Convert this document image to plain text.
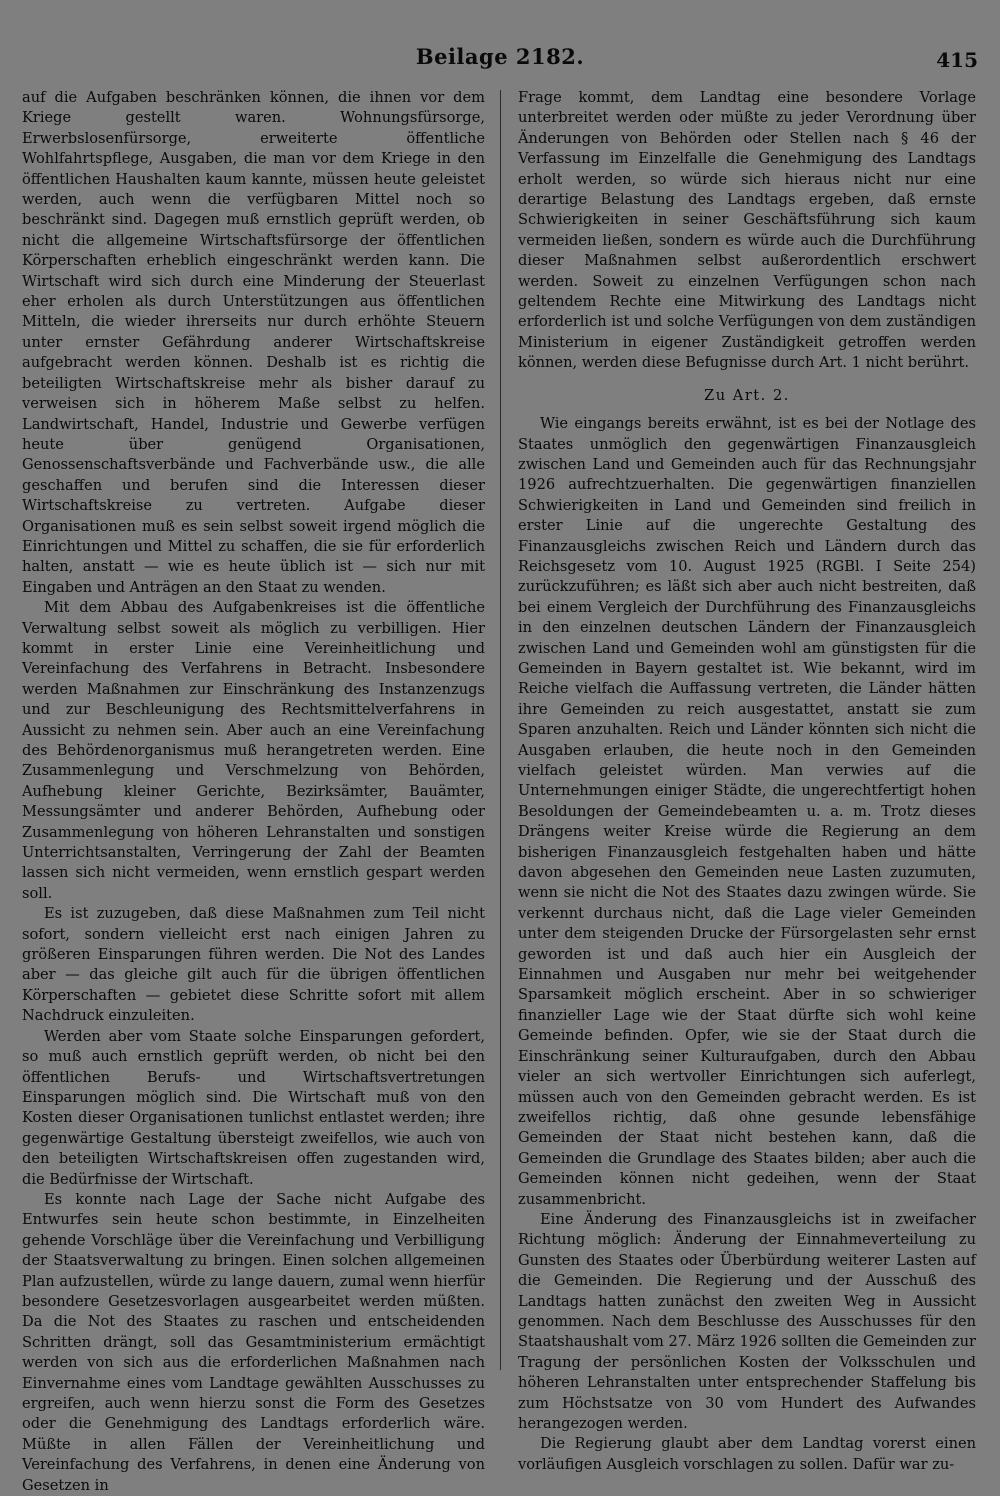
Beilage 2182.	415

auf die Aufgaben beschränken können, die ihnen vor dem Kriege gestellt waren. Wohnungsfürsorge, Erwerbslosenfürsorge, erweiterte öffentliche Wohlfahrtspflege, Ausgaben, die man vor dem Kriege in den öffentlichen Haushalten kaum kannte, müssen heute geleistet werden, auch wenn die verfügbaren Mittel noch so beschränkt sind. Dagegen muß ernstlich geprüft werden, ob nicht die allgemeine Wirtschaftsfürsorge der öffentlichen Körperschaften erheblich eingeschränkt werden kann. Die Wirtschaft wird sich durch eine Minderung der Steuerlast eher erholen als durch Unterstützungen aus öffentlichen Mitteln, die wieder ihrerseits nur durch erhöhte Steuern unter ernster Gefährdung anderer Wirtschaftskreise aufgebracht werden können. Deshalb ist es richtig die beteiligten Wirtschaftskreise mehr als bisher darauf zu verweisen sich in höherem Maße selbst zu helfen. Landwirtschaft, Handel, Industrie und Gewerbe verfügen heute über genügend Organisationen, Genossenschaftsverbände und Fachverbände usw., die alle geschaffen und berufen sind die Interessen dieser Wirtschaftskreise zu vertreten. Aufgabe dieser Organisationen muß es sein selbst soweit irgend möglich die Einrichtungen und Mittel zu schaffen, die sie für erforderlich halten, anstatt — wie es heute üblich ist — sich nur mit Eingaben und Anträgen an den Staat zu wenden.

Mit dem Abbau des Aufgabenkreises ist die öffentliche Verwaltung selbst soweit als möglich zu verbilligen. Hier kommt in erster Linie eine Vereinheitlichung und Vereinfachung des Verfahrens in Betracht. Insbesondere werden Maßnahmen zur Einschränkung des Instanzenzugs und zur Beschleunigung des Rechtsmittelverfahrens in Aussicht zu nehmen sein. Aber auch an eine Vereinfachung des Behördenorganismus muß herangetreten werden. Eine Zusammenlegung und Verschmelzung von Behörden, Aufhebung kleiner Gerichte, Bezirksämter, Bauämter, Messungsämter und anderer Behörden, Aufhebung oder Zusammenlegung von höheren Lehranstalten und sonstigen Unterrichtsanstalten, Verringerung der Zahl der Beamten lassen sich nicht vermeiden, wenn ernstlich gespart werden soll.

Es ist zuzugeben, daß diese Maßnahmen zum Teil nicht sofort, sondern vielleicht erst nach einigen Jahren zu größeren Einsparungen führen werden. Die Not des Landes aber — das gleiche gilt auch für die übrigen öffentlichen Körperschaften — gebietet diese Schritte sofort mit allem Nachdruck einzuleiten.

Werden aber vom Staate solche Einsparungen gefordert, so muß auch ernstlich geprüft werden, ob nicht bei den öffentlichen Berufs- und Wirtschaftsvertretungen Einsparungen möglich sind. Die Wirtschaft muß von den Kosten dieser Organisationen tunlichst entlastet werden; ihre gegenwärtige Gestaltung übersteigt zweifellos, wie auch von den beteiligten Wirtschaftskreisen offen zugestanden wird, die Bedürfnisse der Wirtschaft.

Es konnte nach Lage der Sache nicht Aufgabe des Entwurfes sein heute schon bestimmte, in Einzelheiten gehende Vorschläge über die Vereinfachung und Verbilligung der Staatsverwaltung zu bringen. Einen solchen allgemeinen Plan aufzustellen, würde zu lange dauern, zumal wenn hierfür besondere Gesetzesvorlagen ausgearbeitet werden müßten. Da die Not des Staates zu raschen und entscheidenden Schritten drängt, soll das Gesamtministerium ermächtigt werden von sich aus die erforderlichen Maßnahmen nach Einvernahme eines vom Landtage gewählten Ausschusses zu ergreifen, auch wenn hierzu sonst die Form des Gesetzes oder die Genehmigung des Landtags erforderlich wäre. Müßte in allen Fällen der Vereinheitlichung und Vereinfachung des Verfahrens, in denen eine Änderung von Gesetzen in

Frage kommt, dem Landtag eine besondere Vorlage unterbreitet werden oder müßte zu jeder Verordnung über Änderungen von Behörden oder Stellen nach § 46 der Verfassung im Einzelfalle die Genehmigung des Landtags erholt werden, so würde sich hieraus nicht nur eine derartige Belastung des Landtags ergeben, daß ernste Schwierigkeiten in seiner Geschäftsführung sich kaum vermeiden ließen, sondern es würde auch die Durchführung dieser Maßnahmen selbst außerordentlich erschwert werden. Soweit zu einzelnen Verfügungen schon nach geltendem Rechte eine Mitwirkung des Landtags nicht erforderlich ist und solche Verfügungen von dem zuständigen Ministerium in eigener Zuständigkeit getroffen werden können, werden diese Befugnisse durch Art. 1 nicht berührt.

Zu Art. 2.

Wie eingangs bereits erwähnt, ist es bei der Notlage des Staates unmöglich den gegenwärtigen Finanzausgleich zwischen Land und Gemeinden auch für das Rechnungsjahr 1926 aufrechtzuerhalten. Die gegenwärtigen finanziellen Schwierigkeiten in Land und Gemeinden sind freilich in erster Linie auf die ungerechte Gestaltung des Finanzausgleichs zwischen Reich und Ländern durch das Reichsgesetz vom 10. August 1925 (RGBl. I Seite 254) zurückzuführen; es läßt sich aber auch nicht bestreiten, daß bei einem Vergleich der Durchführung des Finanzausgleichs in den einzelnen deutschen Ländern der Finanzausgleich zwischen Land und Gemeinden wohl am günstigsten für die Gemeinden in Bayern gestaltet ist. Wie bekannt, wird im Reiche vielfach die Auffassung vertreten, die Länder hätten ihre Gemeinden zu reich ausgestattet, anstatt sie zum Sparen anzuhalten. Reich und Länder könnten sich nicht die Ausgaben erlauben, die heute noch in den Gemeinden vielfach geleistet würden. Man verwies auf die Unternehmungen einiger Städte, die ungerechtfertigt hohen Besoldungen der Gemeindebeamten u. a. m. Trotz dieses Drängens weiter Kreise würde die Regierung an dem bisherigen Finanzausgleich festgehalten haben und hätte davon abgesehen den Gemeinden neue Lasten zuzumuten, wenn sie nicht die Not des Staates dazu zwingen würde. Sie verkennt durchaus nicht, daß die Lage vieler Gemeinden unter dem steigenden Drucke der Fürsorgelasten sehr ernst geworden ist und daß auch hier ein Ausgleich der Einnahmen und Ausgaben nur mehr bei weitgehender Sparsamkeit möglich erscheint. Aber in so schwieriger finanzieller Lage wie der Staat dürfte sich wohl keine Gemeinde befinden. Opfer, wie sie der Staat durch die Einschränkung seiner Kulturaufgaben, durch den Abbau vieler an sich wertvoller Einrichtungen sich auferlegt, müssen auch von den Gemeinden gebracht werden. Es ist zweifellos richtig, daß ohne gesunde lebensfähige Gemeinden der Staat nicht bestehen kann, daß die Gemeinden die Grundlage des Staates bilden; aber auch die Gemeinden können nicht gedeihen, wenn der Staat zusammenbricht.

Eine Änderung des Finanzausgleichs ist in zweifacher Richtung möglich: Änderung der Einnahmeverteilung zu Gunsten des Staates oder Überbürdung weiterer Lasten auf die Gemeinden. Die Regierung und der Ausschuß des Landtags hatten zunächst den zweiten Weg in Aussicht genommen. Nach dem Beschlusse des Ausschusses für den Staatshaushalt vom 27. März 1926 sollten die Gemeinden zur Tragung der persönlichen Kosten der Volksschulen und höheren Lehranstalten unter entsprechender Staffelung bis zum Höchstsatze von 30 vom Hundert des Aufwandes herangezogen werden.

Die Regierung glaubt aber dem Landtag vorerst einen vorläufigen Ausgleich vorschlagen zu sollen. Dafür war zu-
